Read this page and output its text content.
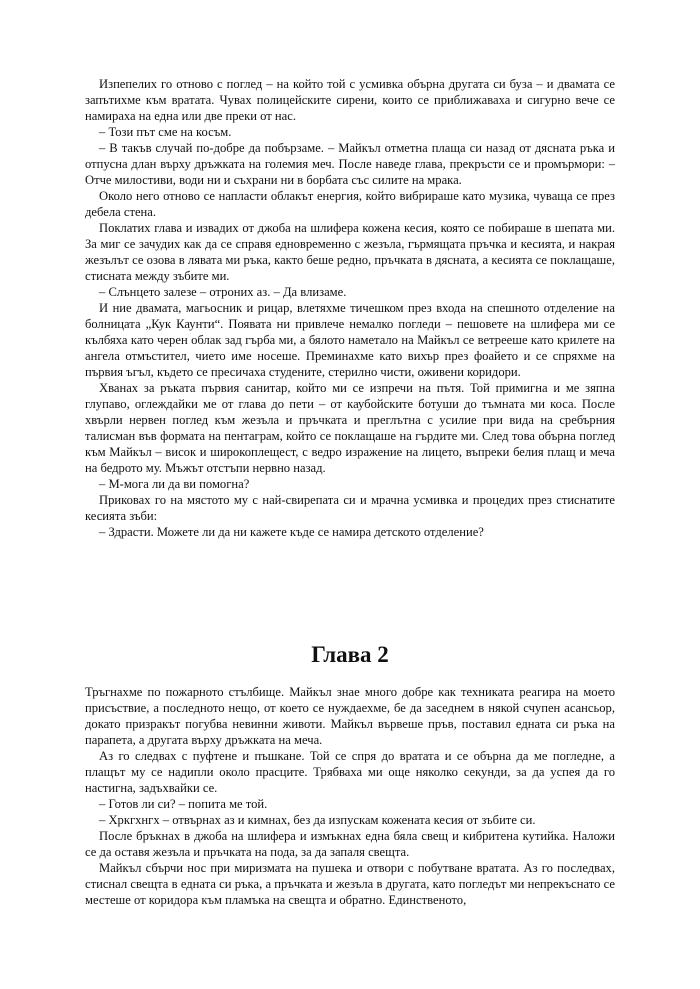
Изпепелих го отново с поглед – на който той с усмивка обърна другата си буза – и двамата се запътихме към вратата. Чувах полицейските сирени, които се приближаваха и сигурно вече се намираха на една или две преки от нас.

– Този път сме на косъм.

– В такъв случай по-добре да побързаме. – Майкъл отметна плаща си назад от дясната ръка и отпусна длан върху дръжката на големия меч. После наведе глава, прекръсти се и промърмори: – Отче милостиви, води ни и съхрани ни в борбата със силите на мрака.

Около него отново се напласти облакът енергия, който вибрираше като музика, чуваща се през дебела стена.

Поклатих глава и извадих от джоба на шлифера кожена кесия, която се побираше в шепата ми. За миг се зачудих как да се справя едновременно с жезъла, гърмящата пръчка и кесията, и накрая жезълът се озова в лявата ми ръка, както беше редно, пръчката в дясната, а кесията се поклащаше, стисната между зъбите ми.

– Слънцето залезе – отроних аз. – Да влизаме.

И ние двамата, магьосник и рицар, влетяхме тичешком през входа на спешното отделение на болницата „Кук Каунти“. Появата ни привлече немалко погледи – пешовете на шлифера ми се кълбяха като черен облак зад гърба ми, а бялото наметало на Майкъл се ветрееше като крилете на ангела отмъстител, чието име носеше. Преминахме като вихър през фоайето и се спряхме на първия ъгъл, където се пресичаха студените, стерилно чисти, оживени коридори.

Хванах за ръката първия санитар, който ми се изпречи на пътя. Той примигна и ме зяпна глупаво, оглеждайки ме от глава до пети – от каубойските ботуши до тъмната ми коса. После хвърли нервен поглед към жезъла и пръчката и преглътна с усилие при вида на сребърния талисман във формата на пентаграм, който се поклащаше на гърдите ми. След това обърна поглед към Майкъл – висок и широкоплещест, с ведро изражение на лицето, въпреки белия плащ и меча на бедрото му. Мъжът отстъпи нервно назад.

– М-мога ли да ви помогна?

Приковах го на мястото му с най-свирепата си и мрачна усмивка и процедих през стиснатите кесията зъби:

– Здрасти. Можете ли да ни кажете къде се намира детското отделение?

Глава 2

Тръгнахме по пожарното стълбище. Майкъл знае много добре как техниката реагира на моето присъствие, а последното нещо, от което се нуждаехме, бе да заседнем в някой счупен асансьор, докато призракът погубва невинни животи. Майкъл вървеше пръв, поставил едната си ръка на парапета, а другата върху дръжката на меча.

Аз го следвах с пуфтене и пъшкане. Той се спря до вратата и се обърна да ме погледне, а плащът му се надипли около прасците. Трябваха ми още няколко секунди, за да успея да го настигна, задъхвайки се.

– Готов ли си? – попита ме той.

– Хркгхнгх – отвърнах аз и кимнах, без да изпускам кожената кесия от зъбите си.

После бръкнах в джоба на шлифера и измъкнах една бяла свещ и кибритена кутийка. Наложи се да оставя жезъла и пръчката на пода, за да запаля свещта.

Майкъл сбърчи нос при миризмата на пушека и отвори с побутване вратата. Аз го последвах, стиснал свещта в едната си ръка, а пръчката и жезъла в другата, като погледът ми непрекъснато се местеше от коридора към пламъка на свещта и обратно. Единственото,
